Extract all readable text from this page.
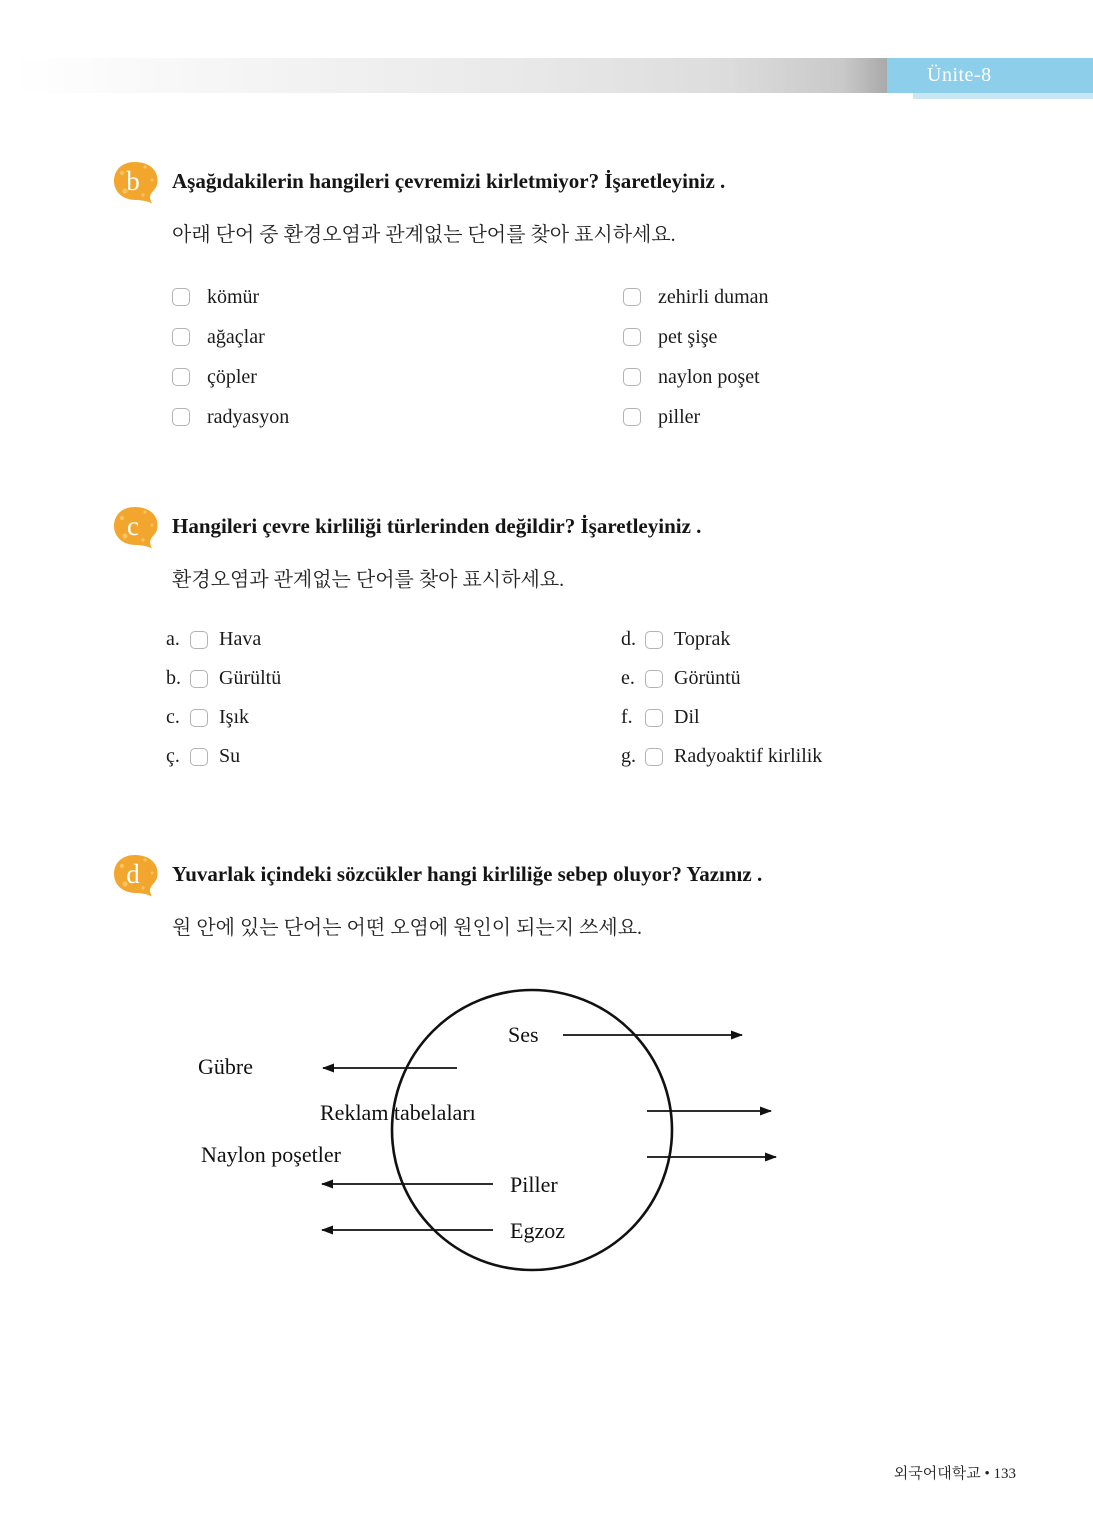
Ünite-8
b	Aşağıdakilerin hangileri çevremizi kirletmiyor? İşaretleyiniz .

아래 단어 중 환경오염과 관계없는 단어를 찾아 표시하세요.

kömür
ağaçlar
çöpler
radyasyon
zehirli duman
pet şişe
naylon poşet
piller
c	Hangileri çevre kirliliği türlerinden değildir? İşaretleyiniz .

환경오염과 관계없는 단어를 찾아 표시하세요.

a.	Hava
b.	Gürültü
c.	Işık
ç.	Su
d.	Toprak
e.	Görüntü
f.	Dil
g.	Radyoaktif kirlilik
d	Yuvarlak içindeki sözcükler hangi kirliliğe sebep oluyor? Yazınız .

원 안에 있는 단어는 어떤 오염에 원인이 되는지 쓰세요.

Ses
Gübre
Reklam tabelaları
Naylon poşetler
Piller
Egzoz
외국어대학교 • 133
